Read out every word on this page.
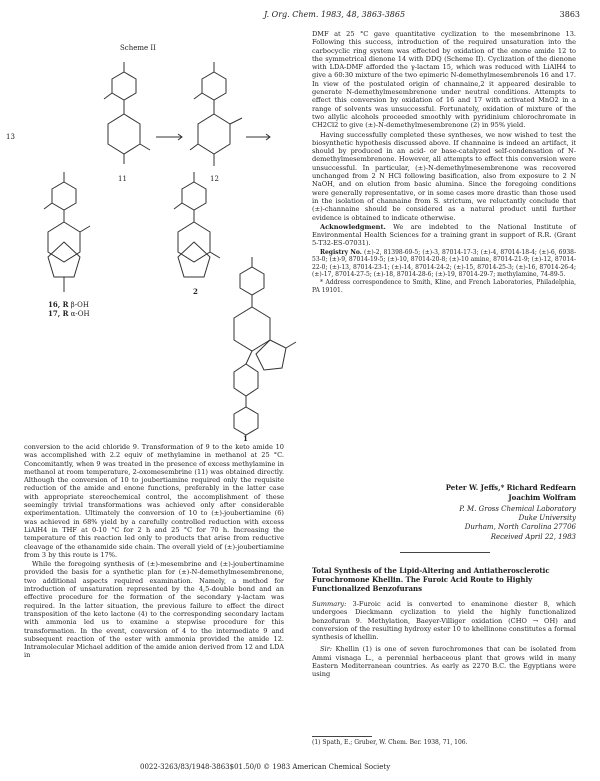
J. Org. Chem. 1983, 48, 3863-3865	3863
Scheme II
13
11	12
16, R β-OH
17, R α-OH
2
1

conversion to the acid chloride 9. Transformation of 9 to the keto amide 10 was accomplished with 2.2 equiv of methylamine in methanol at 25 °C. Concomitantly, when 9 was treated in the presence of excess methylamine in methanol at room temperature, 2-oxomesembrine (11) was obtained directly. Although the conversion of 10 to joubertiamine required only the requisite reduction of the amide and enone functions, preferably in the latter case with appropriate stereochemical control, the accomplishment of these seemingly trivial transformations was achieved only after considerable experimentation. Ultimately the conversion of 10 to (±)-joubertiamine (6) was achieved in 68% yield by a carefully controlled reduction with excess LiAlH4 in THF at 0-10 °C for 2 h and 25 °C for 70 h. Increasing the temperature of this reaction led only to products that arise from reductive cleavage of the ethanamide side chain. The overall yield of (±)-joubertiamine from 3 by this route is 17%.

While the foregoing synthesis of (±)-mesembrine and (±)-joubertinamine provided the basis for a synthetic plan for (±)-N-demethylmesembrenone, two additional aspects required examination. Namely, a method for introduction of unsaturation represented by the 4,5-double bond and an effective procedure for the formation of the secondary γ-lactam was required. In the latter situation, the previous failure to effect the direct transposition of the keto lactone (4) to the corresponding secondary lactam with ammonia led us to examine a stepwise procedure for this transformation. In the event, conversion of 4 to the intermediate 9 and subsequent reaction of the ester with ammonia provided the amide 12. Intramolecular Michael addition of the amide anion derived from 12 and LDA in

DMF at 25 °C gave quantitative cyclization to the mesembrinone 13. Following this success, introduction of the required unsaturation into the carbocyclic ring system was effected by oxidation of the enone amide 12 to the symmetrical dienone 14 with DDQ (Scheme II). Cyclization of the dienone with LDA-DMF afforded the γ-lactam 15, which was reduced with LiAlH4 to give a 60:30 mixture of the two epimeric N-demethylmesembrenols 16 and 17. In view of the postulated origin of channaine,2 it appeared desirable to generate N-demethylmesembrenone under neutral conditions. Attempts to effect this conversion by oxidation of 16 and 17 with activated MnO2 in a range of solvents was unsuccessful. Fortunately, oxidation of mixture of the two allylic alcohols proceeded smoothly with pyridinium chlorochromate in CH2Cl2 to give (±)-N-demethylmesembrenone (2) in 95% yield.

Having successfully completed these syntheses, we now wished to test the biosynthetic hypothesis discussed above. If channaine is indeed an artifact, it should by produced in an acid- or base-catalyzed self-condensation of N-demethylmesembrenone. However, all attempts to effect this conversion were unsuccessful. In particular, (±)-N-demethylmesembrenone was recovered unchanged from 2 N HCl following basification, also from exposure to 2 N NaOH, and on elution from basic alumina. Since the foregoing conditions were generally representative, or in some cases more drastic than those used in the isolation of channaine from S. strictum, we reluctantly conclude that (±)-channaine should be considered as a natural product until further evidence is obtained to indicate otherwise.

Acknowledgment. We are indebted to the National Institute of Environmental Health Sciences for a training grant in support of R.R. (Grant 5-T32-ES-07031).

Registry No. (±)-2, 81398-69-5; (±)-3, 87014-17-3; (±)-4, 87014-18-4; (±)-6, 6938-53-0; (±)-9, 87014-19-5; (±)-10, 87014-20-8; (±)-10 amine, 87014-21-9; (±)-12, 87014-22-0; (±)-13, 87014-23-1; (±)-14, 87014-24-2; (±)-15, 87014-25-3; (±)-16, 87014-26-4; (±)-17, 87014-27-5; (±)-18, 87014-28-6; (±)-19, 87014-29-7; methylamine, 74-89-5.

* Address correspondence to Smith, Kline, and French Laboratories, Philadelphia, PA 19101.

Peter W. Jeffs,* Richard Redfearn
Joachim Wolfram
P. M. Gross Chemical Laboratory
Duke University
Durham, North Carolina 27706
Received April 22, 1983
Total Synthesis of the Lipid-Altering and Antiatherosclerotic Furochromone Khellin. The Furoic Acid Route to Highly Functionalized Benzofurans

Summary: 3-Furoic acid is converted to enaminone diester 8, which undergoes Dieckmann cyclization to yield the highly functionalized benzofuran 9. Methylation, Baeyer-Villiger oxidation (CHO → OH) and conversion of the resulting hydroxy ester 10 to khellinone constitutes a formal synthesis of khellin.

Sir: Khellin (1) is one of seven furochromones that can be isolated from Ammi visnaga L., a perennial herbaceous plant that grows wild in many Eastern Mediterranean countries. As early as 2270 B.C. the Egyptians were using

(1) Spath, E.; Gruber, W. Chem. Ber. 1938, 71, 106.
0022-3263/83/1948-3863$01.50/0 © 1983 American Chemical Society
